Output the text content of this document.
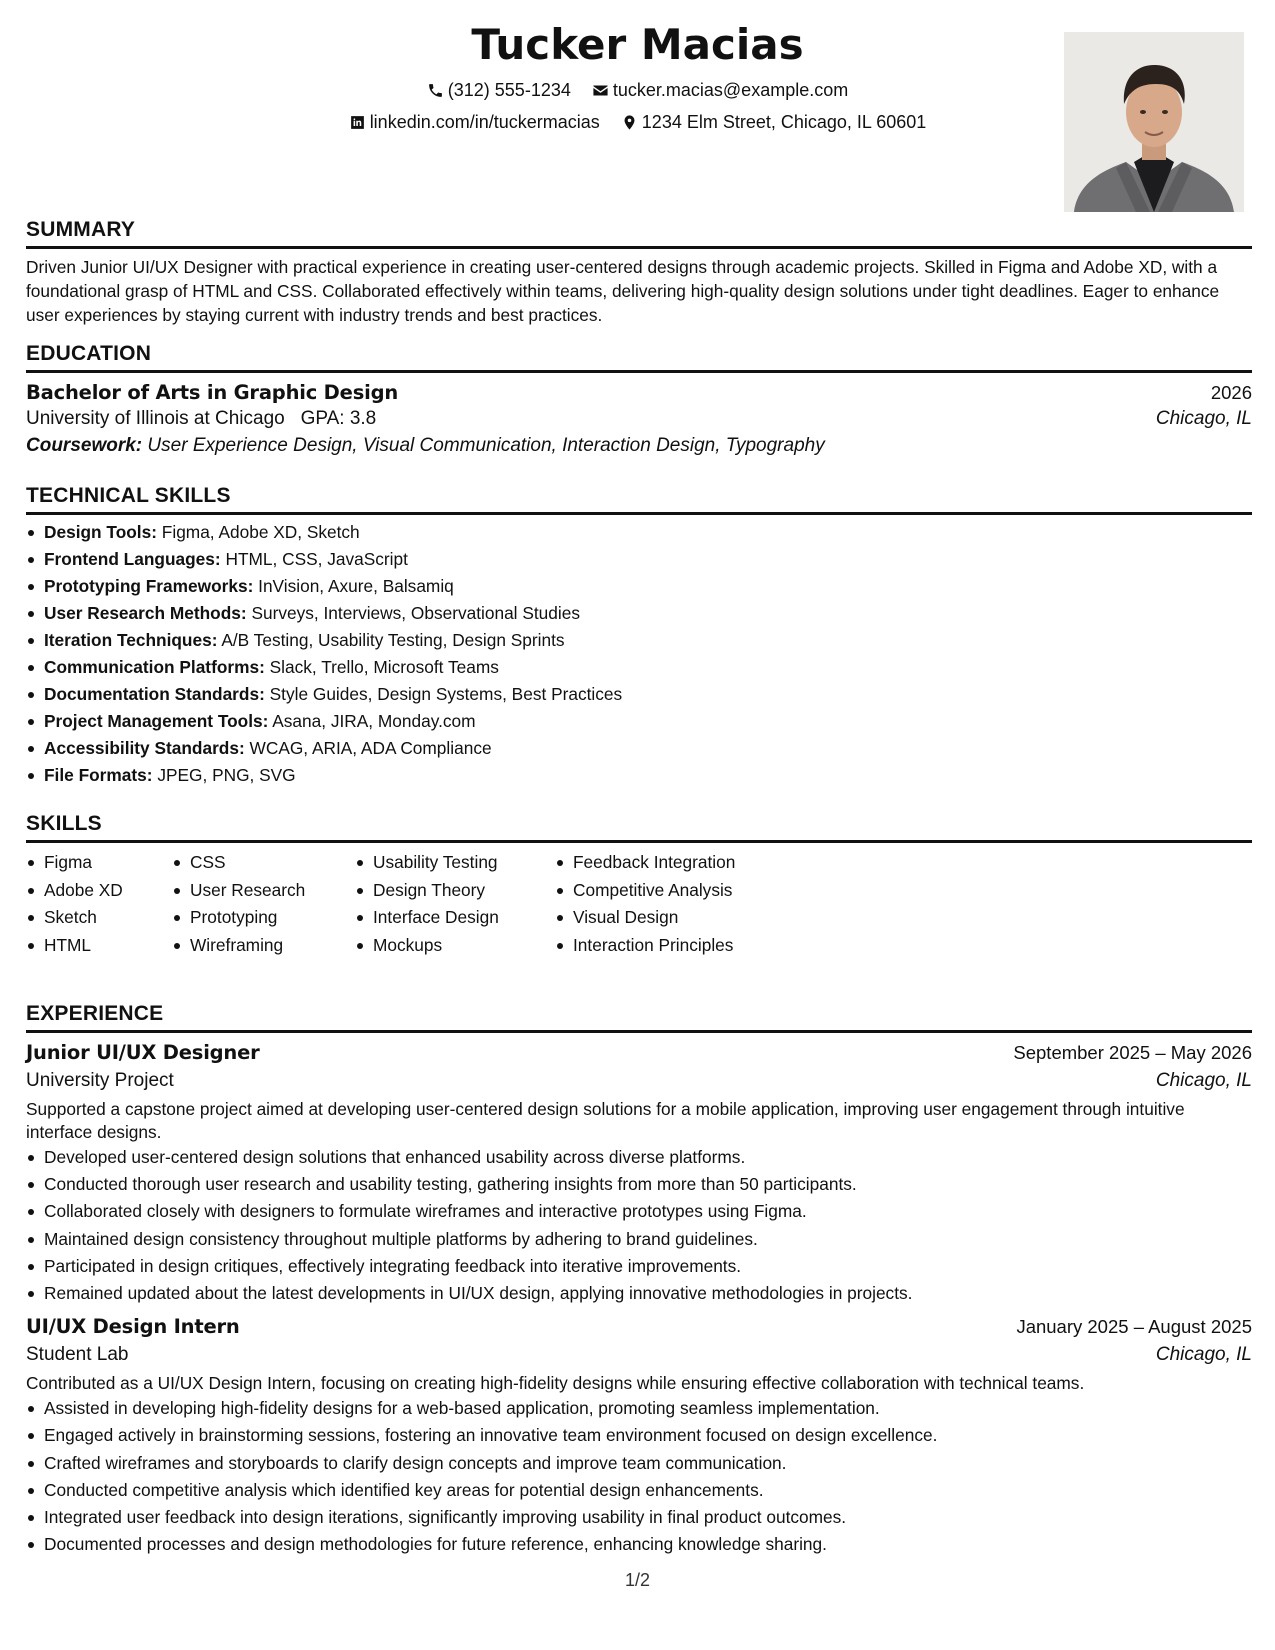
Tucker Macias
(312) 555-1234
tucker.macias@example.com
linkedin.com/in/tuckermacias
1234 Elm Street, Chicago, IL 60601
SUMMARY
Driven Junior UI/UX Designer with practical experience in creating user-centered designs through academic projects. Skilled in Figma and Adobe XD, with a foundational grasp of HTML and CSS. Collaborated effectively within teams, delivering high-quality design solutions under tight deadlines. Eager to enhance user experiences by staying current with industry trends and best practices.
EDUCATION
Bachelor of Arts in Graphic Design	2026
University of Illinois at Chicago GPA: 3.8	Chicago, IL
Coursework: User Experience Design, Visual Communication, Interaction Design, Typography
TECHNICAL SKILLS
Design Tools: Figma, Adobe XD, Sketch
Frontend Languages: HTML, CSS, JavaScript
Prototyping Frameworks: InVision, Axure, Balsamiq
User Research Methods: Surveys, Interviews, Observational Studies
Iteration Techniques: A/B Testing, Usability Testing, Design Sprints
Communication Platforms: Slack, Trello, Microsoft Teams
Documentation Standards: Style Guides, Design Systems, Best Practices
Project Management Tools: Asana, JIRA, Monday.com
Accessibility Standards: WCAG, ARIA, ADA Compliance
File Formats: JPEG, PNG, SVG
SKILLS
Figma
Adobe XD
Sketch
HTML
CSS
User Research
Prototyping
Wireframing
Usability Testing
Design Theory
Interface Design
Mockups
Feedback Integration
Competitive Analysis
Visual Design
Interaction Principles
EXPERIENCE
Junior UI/UX Designer	September 2025 – May 2026
University Project	Chicago, IL
Supported a capstone project aimed at developing user-centered design solutions for a mobile application, improving user engagement through intuitive interface designs.
Developed user-centered design solutions that enhanced usability across diverse platforms.
Conducted thorough user research and usability testing, gathering insights from more than 50 participants.
Collaborated closely with designers to formulate wireframes and interactive prototypes using Figma.
Maintained design consistency throughout multiple platforms by adhering to brand guidelines.
Participated in design critiques, effectively integrating feedback into iterative improvements.
Remained updated about the latest developments in UI/UX design, applying innovative methodologies in projects.
UI/UX Design Intern	January 2025 – August 2025
Student Lab	Chicago, IL
Contributed as a UI/UX Design Intern, focusing on creating high-fidelity designs while ensuring effective collaboration with technical teams.
Assisted in developing high-fidelity designs for a web-based application, promoting seamless implementation.
Engaged actively in brainstorming sessions, fostering an innovative team environment focused on design excellence.
Crafted wireframes and storyboards to clarify design concepts and improve team communication.
Conducted competitive analysis which identified key areas for potential design enhancements.
Integrated user feedback into design iterations, significantly improving usability in final product outcomes.
Documented processes and design methodologies for future reference, enhancing knowledge sharing.
1/2
